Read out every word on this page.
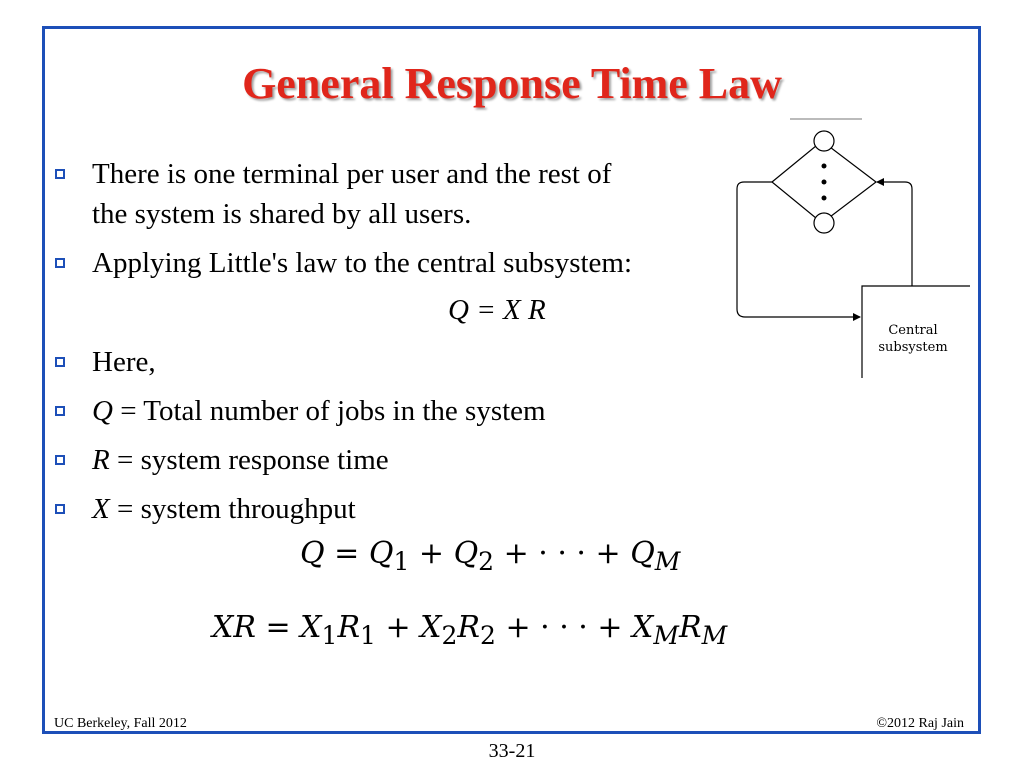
General Response Time Law
There is one terminal per user and the rest of
the system is shared by all users.
Applying Little's law to the central subsystem:
Q = X R
Here,
Q = Total number of jobs in the system
R = system response time
X = system throughput
$Q = Q_1 + Q_2$ + · · · + $Q_M$
XR = $X_1R_1 + X_2R_2$ + · · · + $X_MR_M$
Central
subsystem
UC Berkeley, Fall 2012	©2012 Raj Jain
33-21
